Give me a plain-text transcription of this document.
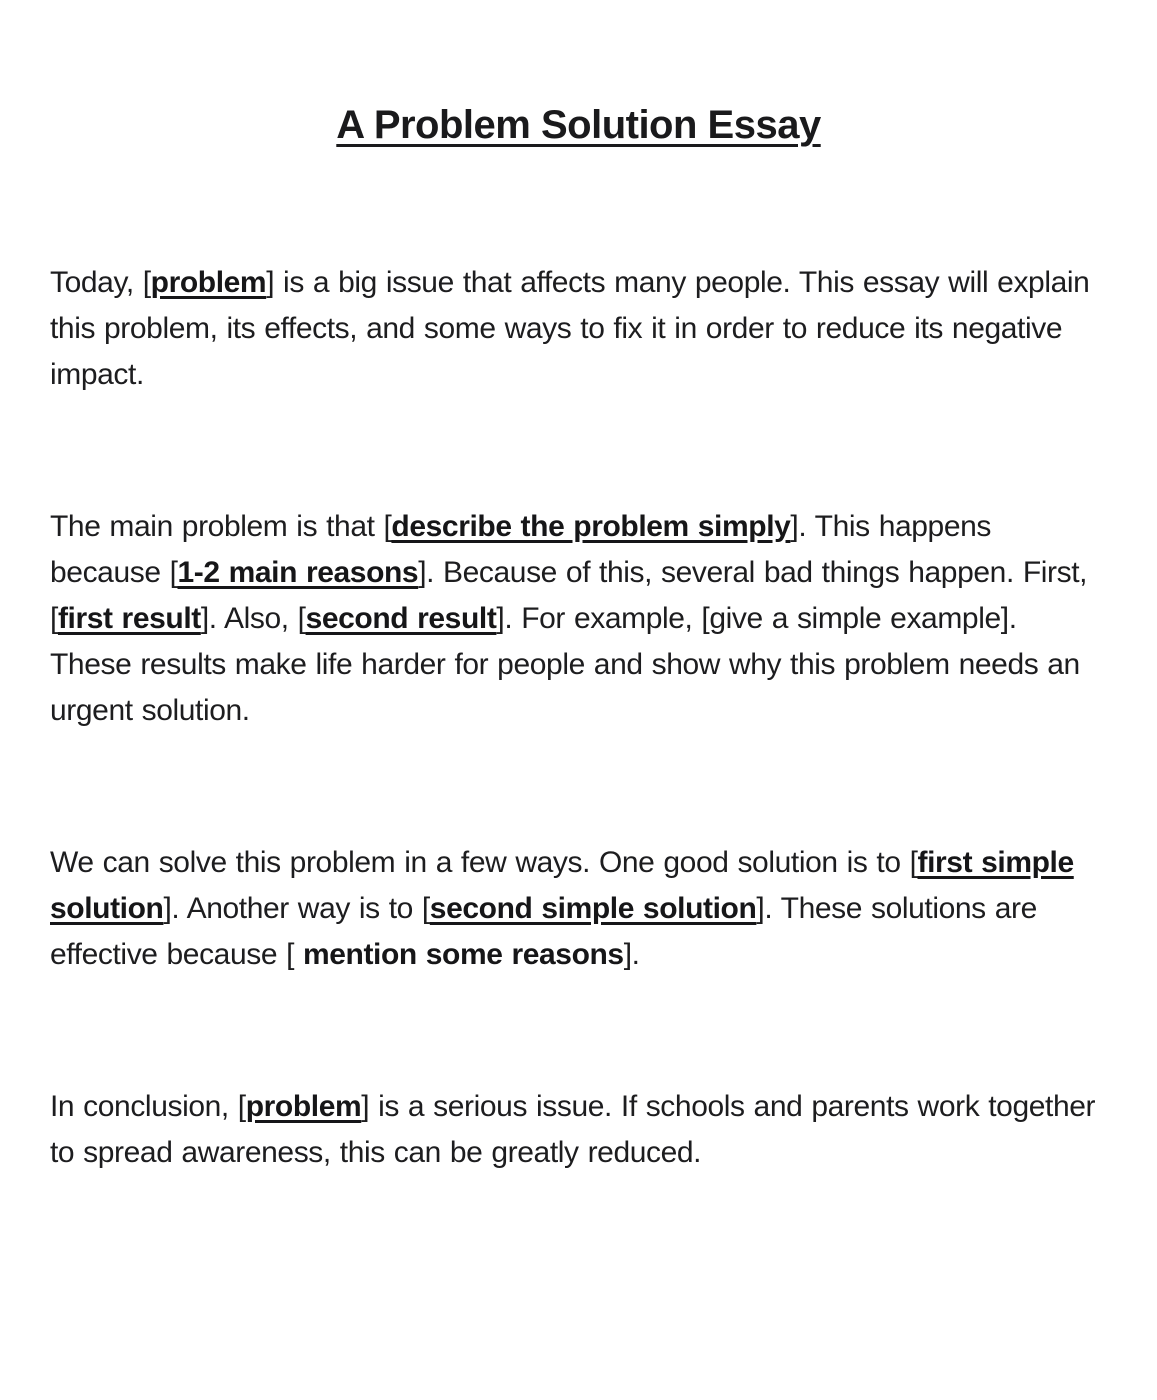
A Problem Solution Essay

Today, [problem] is a big issue that affects many people. This essay will explain this problem, its effects, and some ways to fix it in order to reduce its negative impact.

The main problem is that [describe the problem simply]. This happens because [1-2 main reasons]. Because of this, several bad things happen. First, [first result]. Also, [second result]. For example, [give a simple example]. These results make life harder for people and show why this problem needs an urgent solution.

We can solve this problem in a few ways. One good solution is to [first simple solution]. Another way is to [second simple solution]. These solutions are effective because [ mention some reasons].

In conclusion, [problem] is a serious issue. If schools and parents work together to spread awareness, this can be greatly reduced.
